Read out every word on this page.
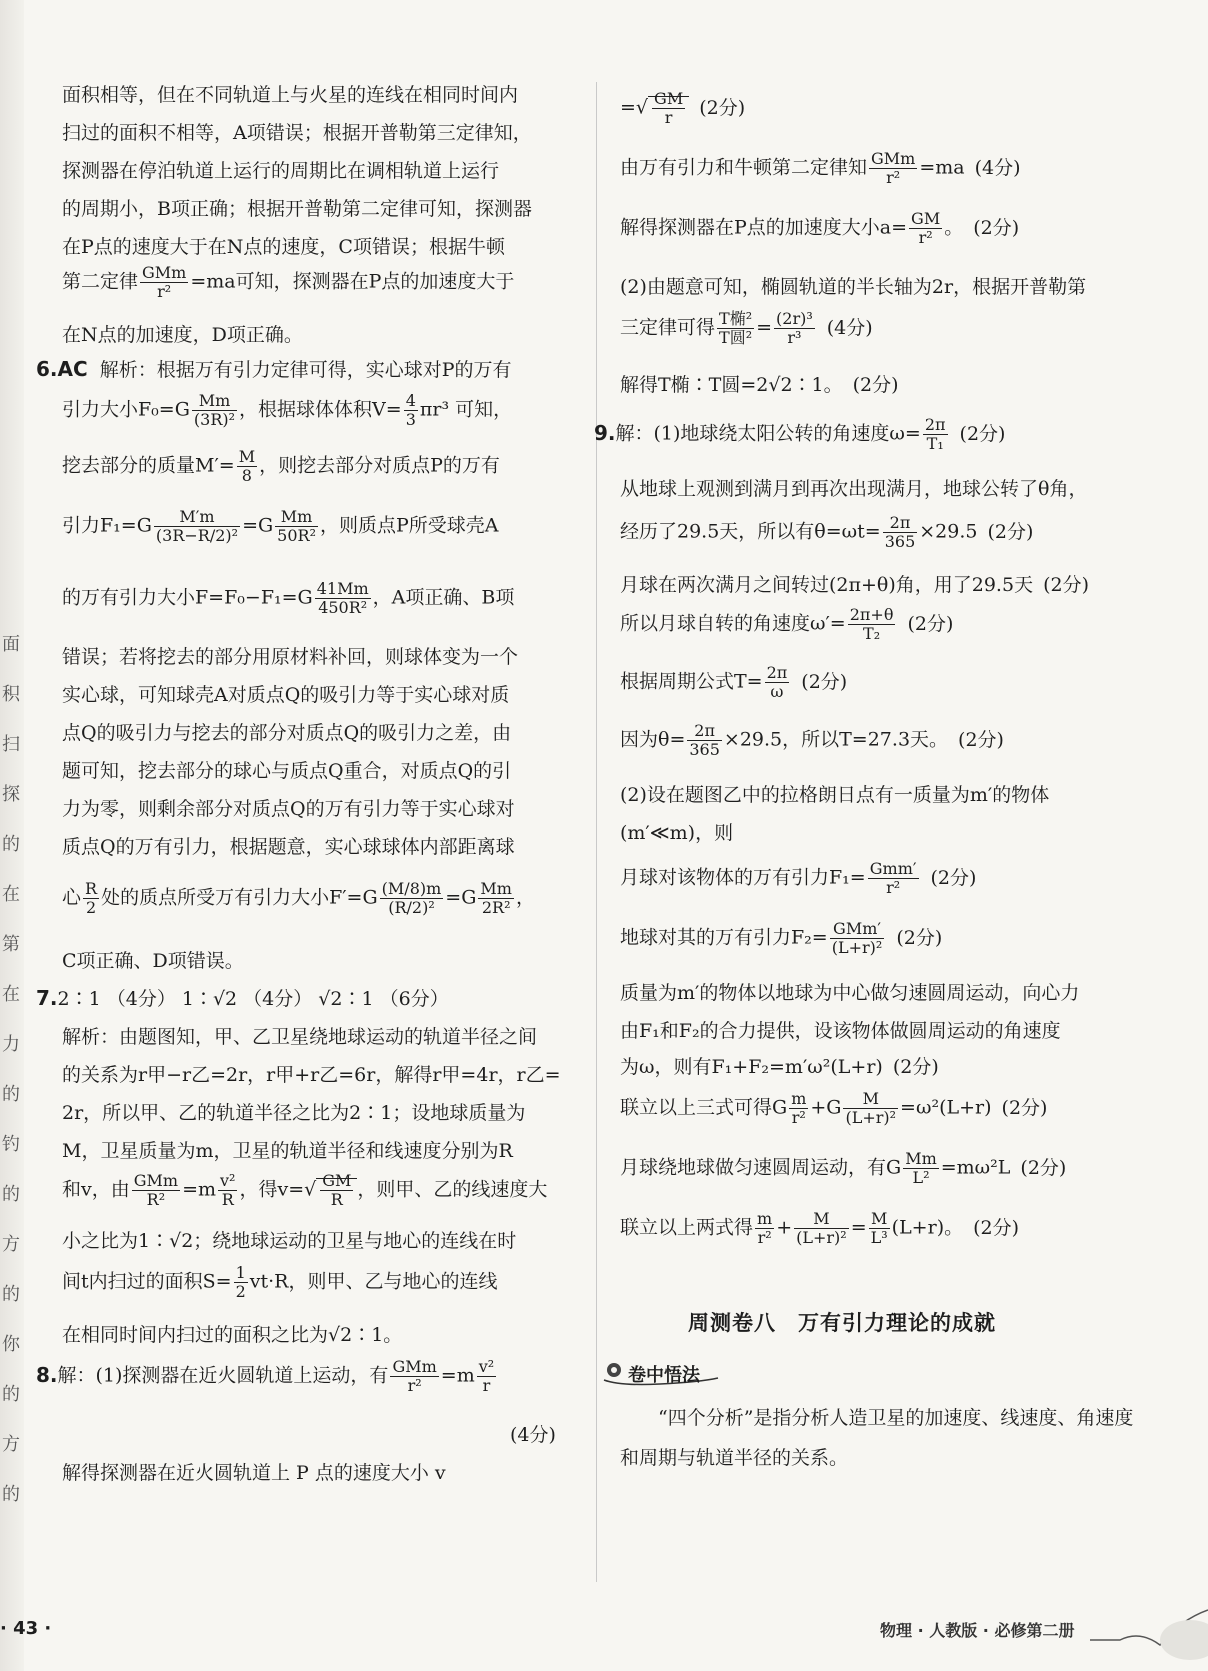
面积扫探的在第在 力的钓的方的你的方的
面积相等，但在不同轨道上与火星的连线在相同时间内
扫过的面积不相等，A项错误；根据开普勒第三定律知，
探测器在停泊轨道上运行的周期比在调相轨道上运行
的周期小，B项正确；根据开普勒第二定律可知，探测器
在P点的速度大于在N点的速度，C项错误；根据牛顿
第二定律 $\frac{\text{GMm}}{\text{r²}} =ma$可知，探测器在P点的加速度大于
在N点的加速度，D项正确。
6.AC 解析：根据万有引力定律可得，实心球对P的万有
引力大小$F_0=G \frac{Mm}{\text{(3R)²}}$ ，根据球体体积$V= \frac{4}{3} \pi r^3$ 可知，
挖去部分的质量$M'= \frac{M}{8}$ ，则挖去部分对质点P的万有
引力$F_1=G \frac{M'm}{\text{(3R−R/2)²}} =G \frac{Mm}{\text{50R²}}$ ，则质点P所受球壳A
的万有引力大小$F=F_0-F_1=G \frac{41Mm}{\text{450R²}}$ ，A项正确、B项
错误；若将挖去的部分用原材料补回，则球体变为一个
实心球，可知球壳A对质点Q的吸引力等于实心球对质
点Q的吸引力与挖去的部分对质点Q的吸引力之差，由
题可知，挖去部分的球心与质点Q重合，对质点Q的引
力为零，则剩余部分对质点Q的万有引力等于实心球对
质点Q的万有引力，根据题意，实心球球体内部距离球
心 $\frac{R}{2}$ 处的质点所受万有引力大小$F'=G \frac{(M/8)m}{\text{(R/2)²}} =G \frac{Mm}{\text{2R²}}$ ，
C项正确、D项错误。
7.2∶1 （4分） 1∶√2 （4分） √2∶1 （6分）
解析：由题图知，甲、乙卫星绕地球运动的轨道半径之间
的关系为r甲−r乙=2r，r甲+r乙=6r，解得r甲=4r，r乙=
2r，所以甲、乙的轨道半径之比为2∶1；设地球质量为
M，卫星质量为m，卫星的轨道半径和线速度分别为R
和v，由 $\frac{\text{GMm}}{\text{R²}} =m \frac{\text{v²}}{R}$ ，得$v=√ \frac{GM}{R}$ ，则甲、乙的线速度大
小之比为1∶√2；绕地球运动的卫星与地心的连线在时
间t内扫过的面积$S= \frac{1}{2} vt\cdot R$，则甲、乙与地心的连线
在相同时间内扫过的面积之比为√2∶1。
8.解：(1)探测器在近火圆轨道上运动，有 $\frac{\text{GMm}}{\text{r²}} =m \frac{\text{v²}}{r}$
(4分)
解得探测器在近火圆轨道上 P 点的速度大小 v
=√ $\frac{GM}{r} (2$分)
由万有引力和牛顿第二定律知 $\frac{\text{GMm}}{\text{r²}} =ma$ (4分)
解得探测器在P点的加速度大小$a= \frac{GM}{\text{r²}}$ 。 (2分)
(2)由题意可知，椭圆轨道的半长轴为2r，根据开普勒第
三定律可得 $\frac{\text{T椭²}}{\text{T圆²}} = \frac{\text{(2r)³}}{\text{r³}} (4$分)
解得T椭∶T圆=2√2∶1。 (2分)
9.解：(1)地球绕太阳公转的角速度$\omega= \frac{2\pi}{\text{T₁}} (2$分)
从地球上观测到满月到再次出现满月，地球公转了θ角，
经历了29.5天，所以有$\theta=\omega t= \frac{2\pi}{365} \times 29.5$ (2分)
月球在两次满月之间转过(2π+θ)角，用了29.5天 (2分)
所以月球自转的角速度$\omega'= \frac{2\pi+\theta}{\text{T₂}} (2$分)
根据周期公式$T= \frac{2\pi}{\omega} (2$分)
因为$\theta= \frac{2\pi}{365} \times 29.5$，所以T=27.3天。 (2分)
(2)设在题图乙中的拉格朗日点有一质量为m′的物体
(m′≪m)，则
月球对该物体的万有引力$F_1= \frac{\text{Gmm′}}{\text{r²}} (2$分)
地球对其的万有引力$F_2= \frac{\text{GMm′}}{\text{(L+r)²}} (2$分)
质量为m′的物体以地球为中心做匀速圆周运动，向心力
由F₁和F₂的合力提供，设该物体做圆周运动的角速度
为ω，则有F₁+F₂=m′ω²(L+r) (2分)
联立以上三式可得G $\frac{m}{\text{r²}} +G \frac{M}{\text{(L+r)²}} =\omega^2(L+r)$ (2分)
月球绕地球做匀速圆周运动，有G $\frac{Mm}{\text{L²}} =m\omega^2L$ (2分)
联立以上两式得 $\frac{m}{\text{r²}} + \frac{M}{\text{(L+r)²}} = \frac{M}{\text{L³}} (L+r)$。 (2分)
周测卷八　万有引力理论的成就
卷中悟法
“四个分析”是指分析人造卫星的加速度、线速度、角速度和周期与轨道半径的关系。
· 43 ·	物理 · 人教版 · 必修第二册
